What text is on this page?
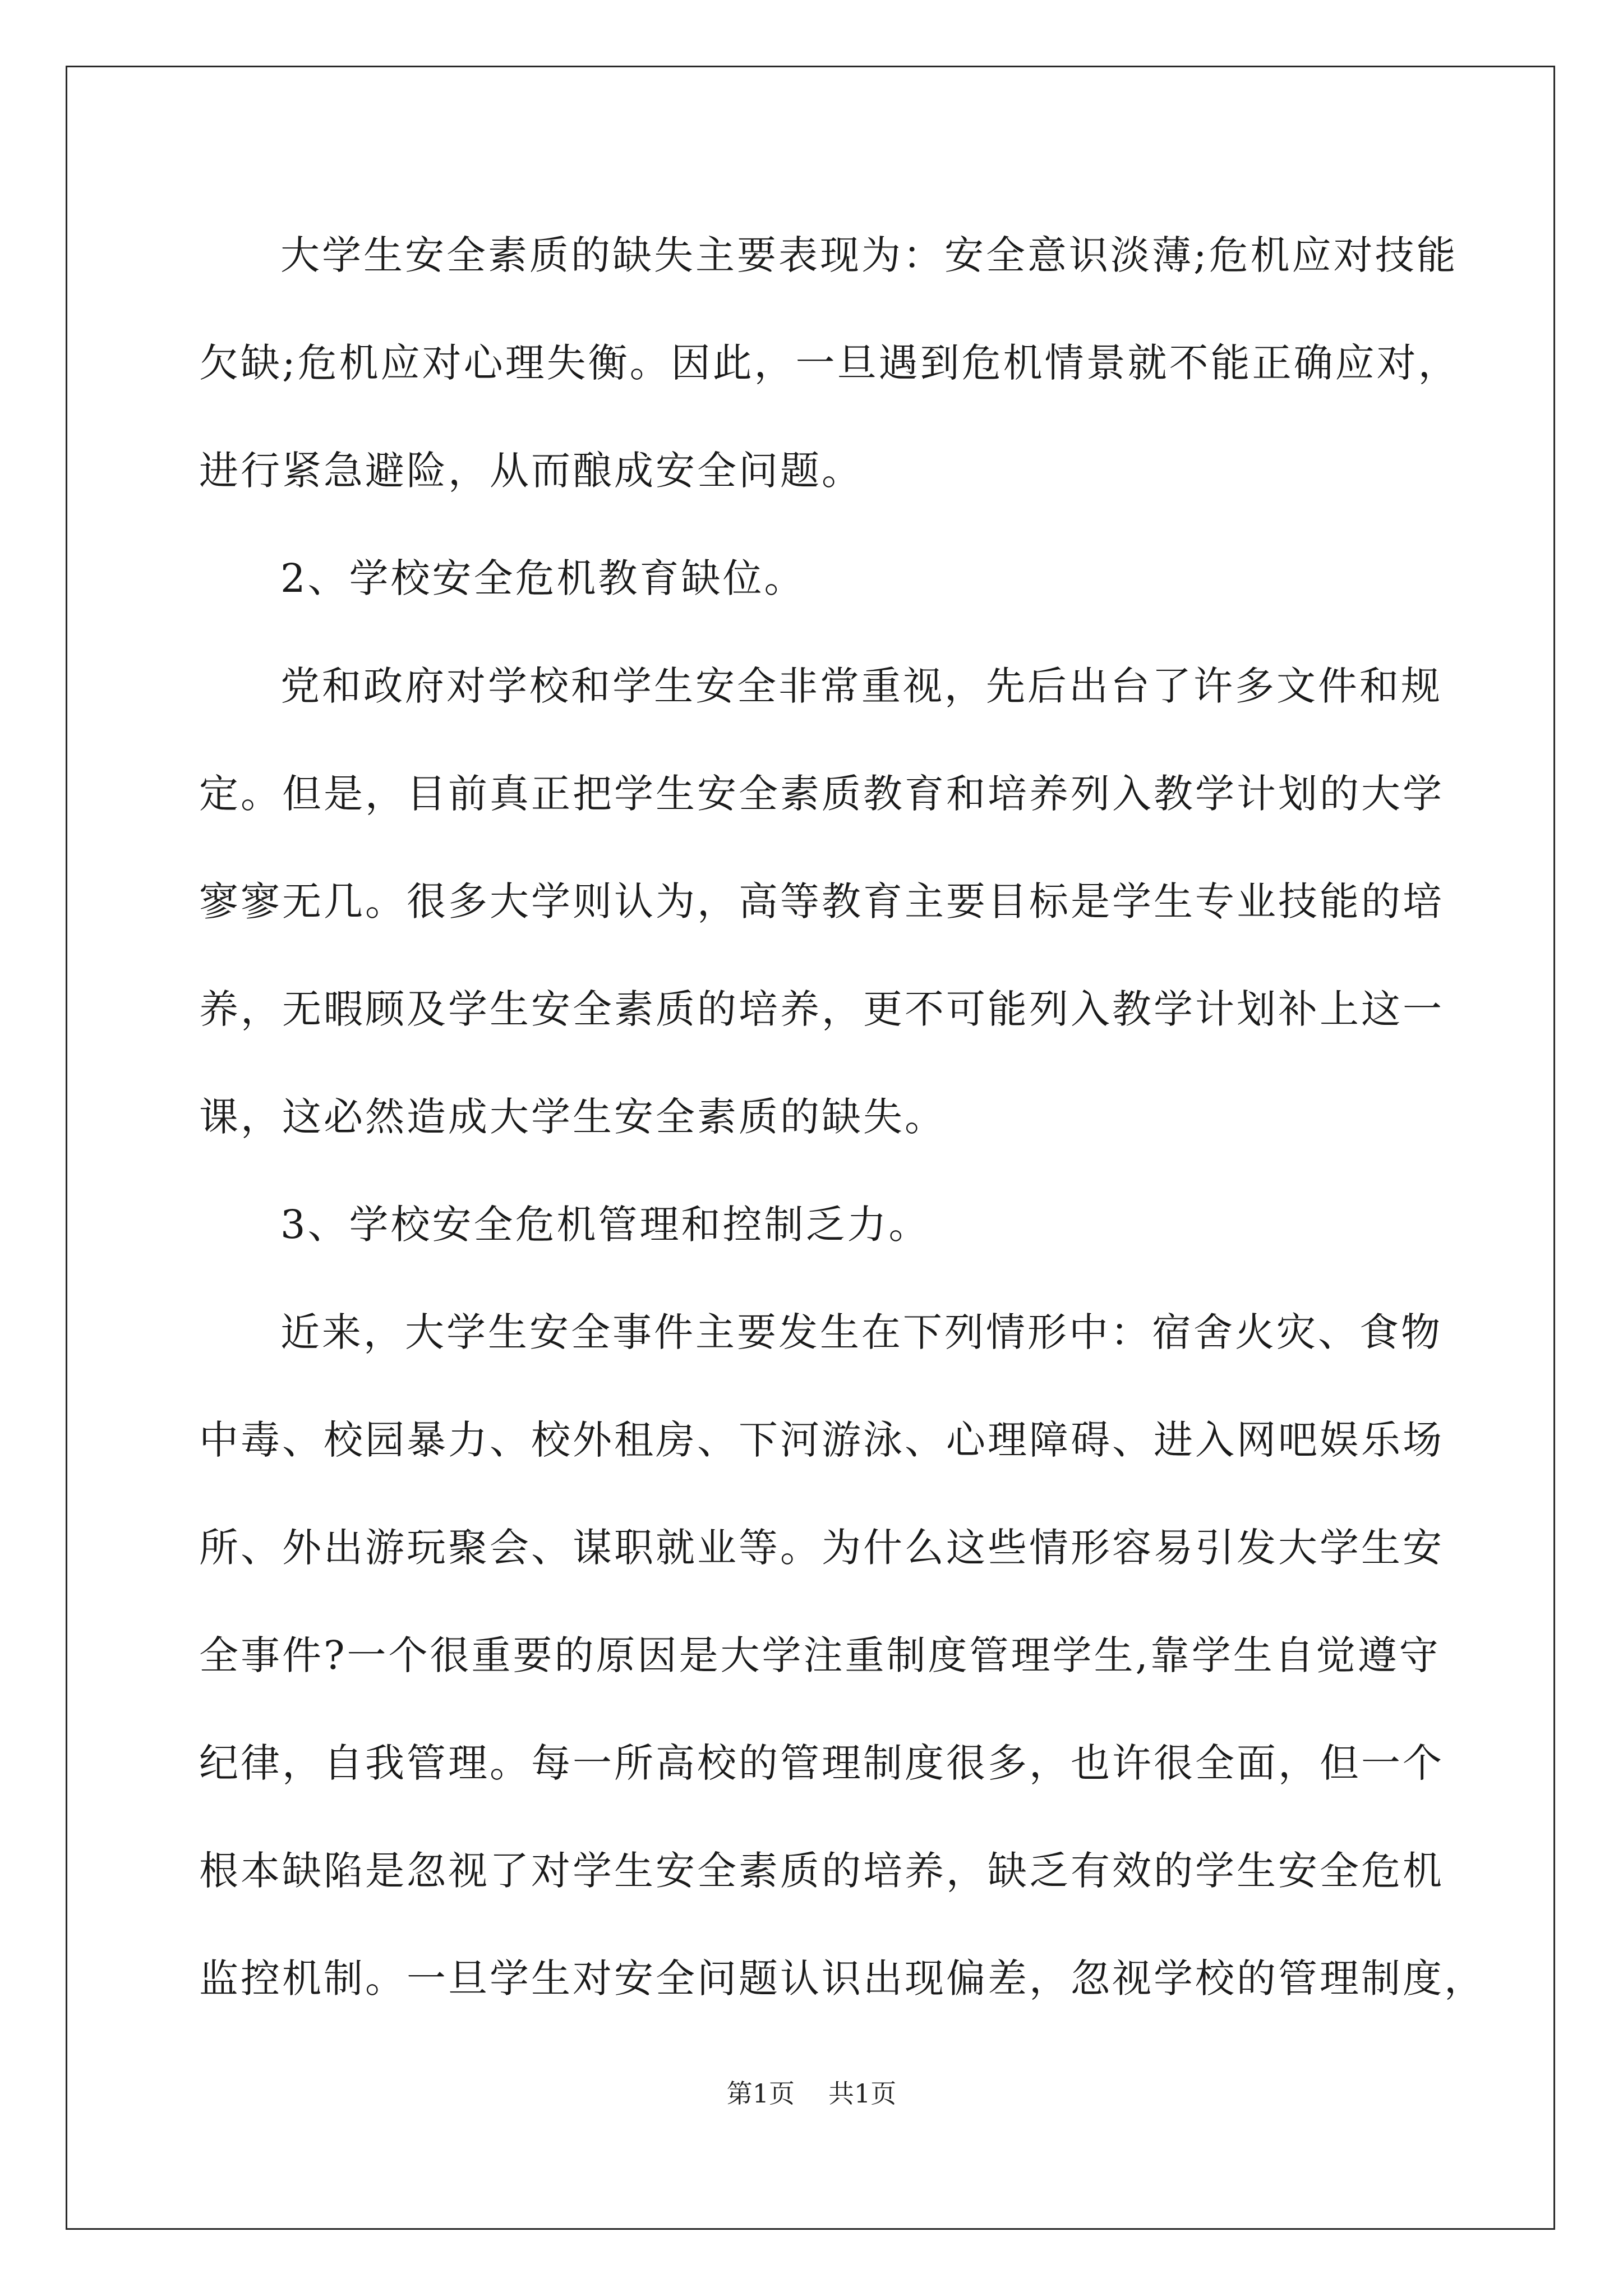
大学生安全素质的缺失主要表现为：安全意识淡薄;危机应对技能
欠缺;危机应对心理失衡。因此，一旦遇到危机情景就不能正确应对，
进行紧急避险，从而酿成安全问题。
2、学校安全危机教育缺位。
党和政府对学校和学生安全非常重视，先后出台了许多文件和规
定。但是，目前真正把学生安全素质教育和培养列入教学计划的大学
寥寥无几。很多大学则认为，高等教育主要目标是学生专业技能的培
养，无暇顾及学生安全素质的培养，更不可能列入教学计划补上这一
课，这必然造成大学生安全素质的缺失。
3、学校安全危机管理和控制乏力。
近来，大学生安全事件主要发生在下列情形中：宿舍火灾、食物
中毒、校园暴力、校外租房、下河游泳、心理障碍、进入网吧娱乐场
所、外出游玩聚会、谋职就业等。为什么这些情形容易引发大学生安
全事件?一个很重要的原因是大学注重制度管理学生,靠学生自觉遵守
纪律，自我管理。每一所高校的管理制度很多，也许很全面，但一个
根本缺陷是忽视了对学生安全素质的培养，缺乏有效的学生安全危机
监控机制。一旦学生对安全问题认识出现偏差，忽视学校的管理制度，
第1页 共1页
